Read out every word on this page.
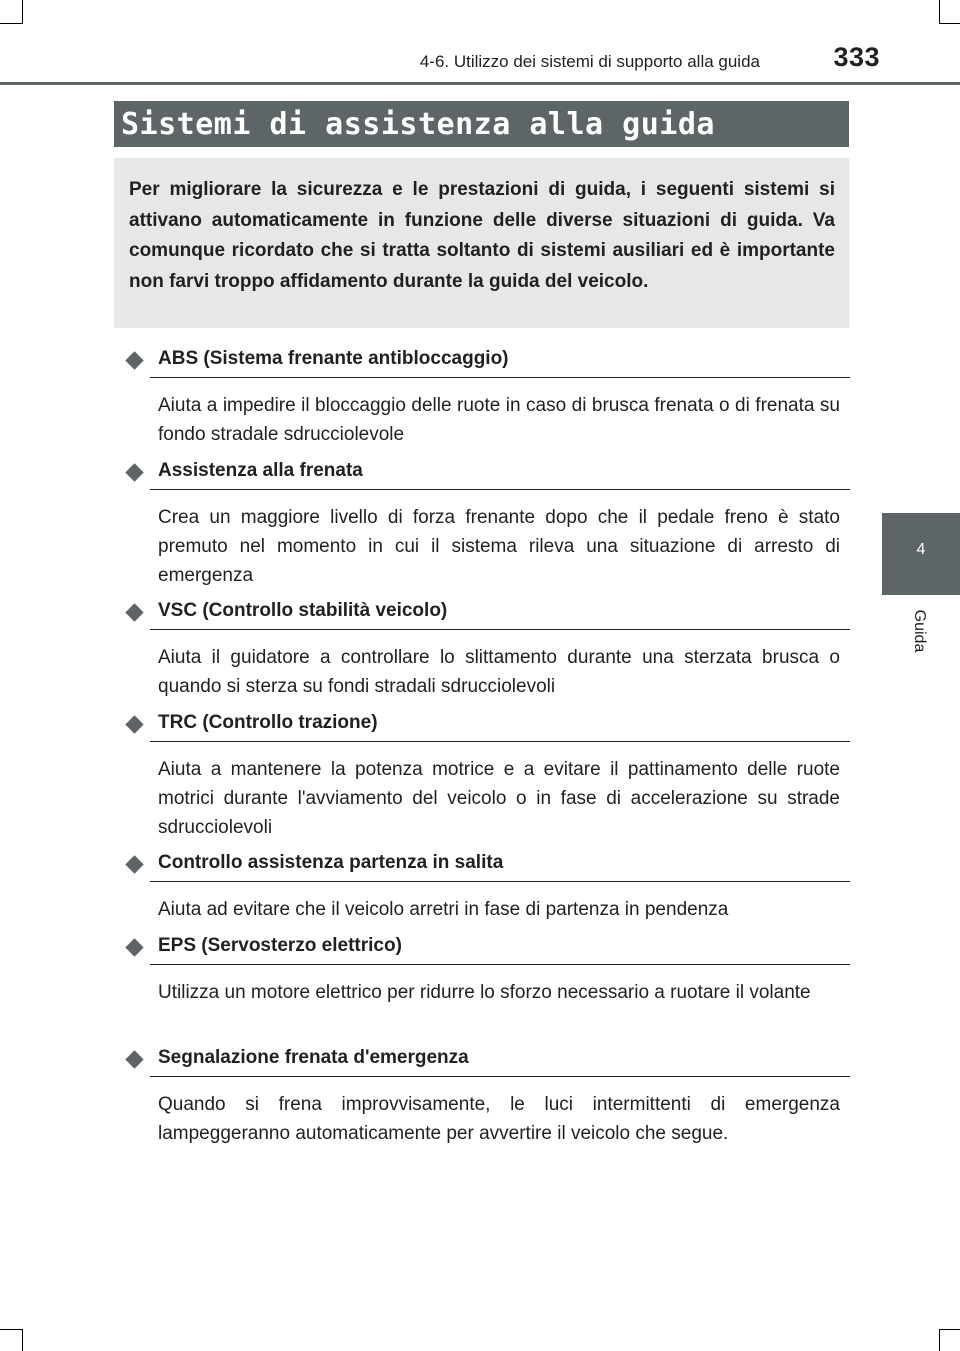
4-6. Utilizzo dei sistemi di supporto alla guida	333
Sistemi di assistenza alla guida
Per migliorare la sicurezza e le prestazioni di guida, i seguenti sistemi si attivano automaticamente in funzione delle diverse situazioni di guida. Va comunque ricordato che si tratta soltanto di sistemi ausiliari ed è importante non farvi troppo affidamento durante la guida del veicolo.
ABS (Sistema frenante antibloccaggio)
Aiuta a impedire il bloccaggio delle ruote in caso di brusca frenata o di frenata su fondo stradale sdrucciolevole
Assistenza alla frenata
Crea un maggiore livello di forza frenante dopo che il pedale freno è stato premuto nel momento in cui il sistema rileva una situazione di arresto di emergenza
VSC (Controllo stabilità veicolo)
Aiuta il guidatore a controllare lo slittamento durante una sterzata brusca o quando si sterza su fondi stradali sdrucciolevoli
TRC (Controllo trazione)
Aiuta a mantenere la potenza motrice e a evitare il pattinamento delle ruote motrici durante l'avviamento del veicolo o in fase di accelerazione su strade sdrucciolevoli
Controllo assistenza partenza in salita
Aiuta ad evitare che il veicolo arretri in fase di partenza in pendenza
EPS (Servosterzo elettrico)
Utilizza un motore elettrico per ridurre lo sforzo necessario a ruotare il volante
Segnalazione frenata d'emergenza
Quando si frena improvvisamente, le luci intermittenti di emergenza lampeggeranno automaticamente per avvertire il veicolo che segue.
4
Guida
